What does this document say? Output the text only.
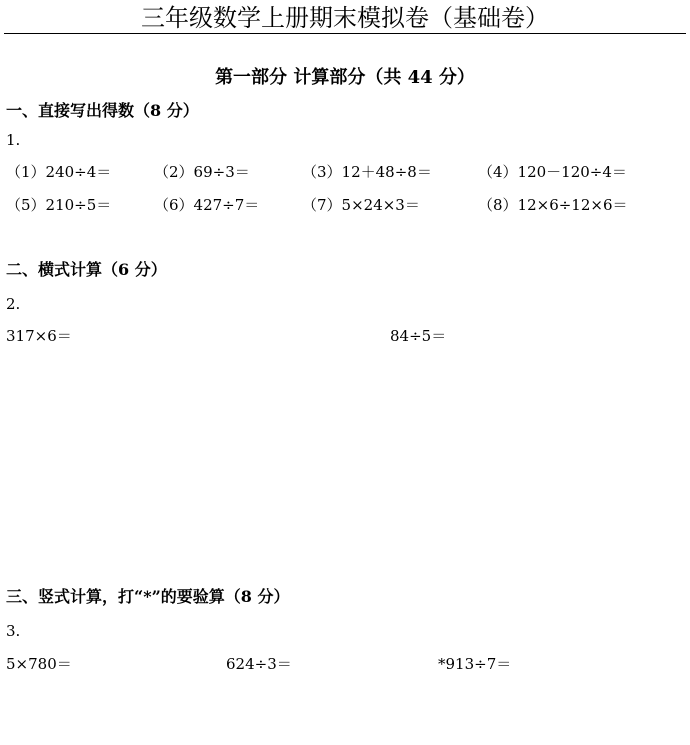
三年级数学上册期末模拟卷（基础卷）
第一部分 计算部分（共 44 分）
一、直接写出得数（8 分）
1.
（1）240÷4＝	（2）69÷3＝	（3）12＋48÷8＝	（4）120－120÷4＝
（5）210÷5＝	（6）427÷7＝	（7）5×24×3＝	（8）12×6÷12×6＝
二、横式计算（6 分）
2.
317×6＝	84÷5＝
三、竖式计算，打“*”的要验算（8 分）
3.
5×780＝	624÷3＝	*913÷7＝
